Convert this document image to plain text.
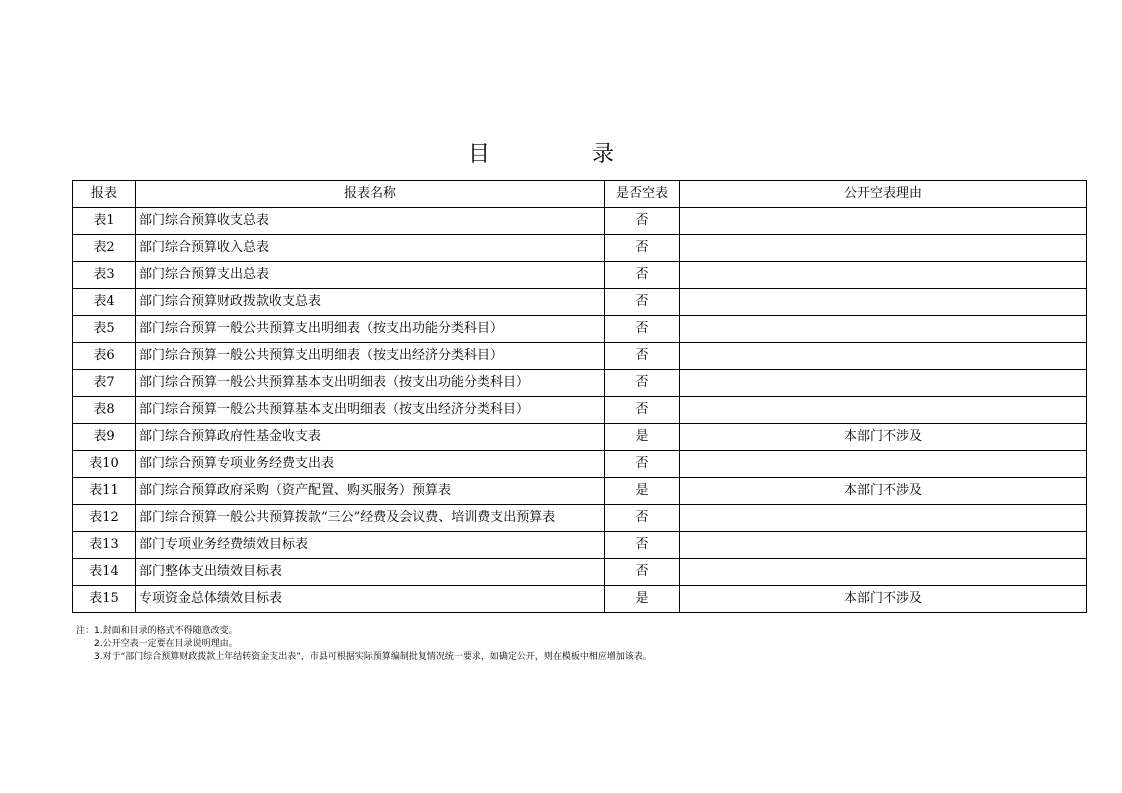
目　录
报表	报表名称	是否空表	公开空表理由
表1	部门综合预算收支总表	否	
表2	部门综合预算收入总表	否	
表3	部门综合预算支出总表	否	
表4	部门综合预算财政拨款收支总表	否	
表5	部门综合预算一般公共预算支出明细表（按支出功能分类科目）	否	
表6	部门综合预算一般公共预算支出明细表（按支出经济分类科目）	否	
表7	部门综合预算一般公共预算基本支出明细表（按支出功能分类科目）	否	
表8	部门综合预算一般公共预算基本支出明细表（按支出经济分类科目）	否	
表9	部门综合预算政府性基金收支表	是	本部门不涉及
表10	部门综合预算专项业务经费支出表	否	
表11	部门综合预算政府采购（资产配置、购买服务）预算表	是	本部门不涉及
表12	部门综合预算一般公共预算拨款“三公”经费及会议费、培训费支出预算表	否	
表13	部门专项业务经费绩效目标表	否	
表14	部门整体支出绩效目标表	否	
表15	专项资金总体绩效目标表	是	本部门不涉及
注： 1.封面和目录的格式不得随意改变。
2.公开空表一定要在目录说明理由。
3.对于“部门综合预算财政拨款上年结转资金支出表”，市县可根据实际预算编制批复情况统一要求，如确定公开，则在模板中相应增加该表。
